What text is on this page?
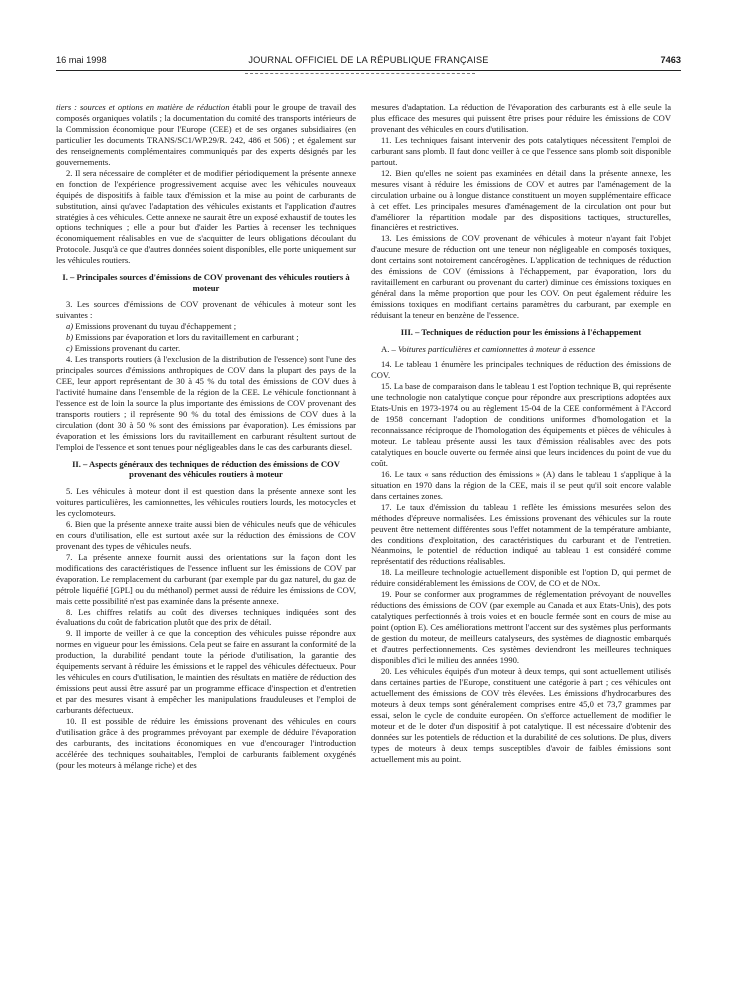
16 mai 1998	JOURNAL OFFICIEL DE LA RÉPUBLIQUE FRANÇAISE	7463

tiers : sources et options en matière de réduction établi pour le groupe de travail des composés organiques volatils ; la documentation du comité des transports intérieurs de la Commission économique pour l'Europe (CEE) et de ses organes subsidiaires (en particulier les documents TRANS/SC1/WP.29/R. 242, 486 et 506) ; et également sur des renseignements complémentaires communiqués par des experts désignés par les gouvernements.

2. Il sera nécessaire de compléter et de modifier périodiquement la présente annexe en fonction de l'expérience progressivement acquise avec les véhicules nouveaux équipés de dispositifs à faible taux d'émission et la mise au point de carburants de substitution, ainsi qu'avec l'adaptation des véhicules existants et l'application d'autres stratégies à ces véhicules. Cette annexe ne saurait être un exposé exhaustif de toutes les options techniques ; elle a pour but d'aider les Parties à recenser les techniques économiquement réalisables en vue de s'acquitter de leurs obligations découlant du Protocole. Jusqu'à ce que d'autres données soient disponibles, elle porte uniquement sur les véhicules routiers.

I. – Principales sources d'émissions de COV provenant des véhicules routiers à moteur

3. Les sources d'émissions de COV provenant de véhicules à moteur sont les suivantes :

a) Emissions provenant du tuyau d'échappement ;

b) Emissions par évaporation et lors du ravitaillement en carburant ;

c) Emissions provenant du carter.

4. Les transports routiers (à l'exclusion de la distribution de l'essence) sont l'une des principales sources d'émissions anthropiques de COV dans la plupart des pays de la CEE, leur apport représentant de 30 à 45 % du total des émissions de COV dues à l'activité humaine dans l'ensemble de la région de la CEE. Le véhicule fonctionnant à l'essence est de loin la source la plus importante des émissions de COV provenant des transports routiers ; il représente 90 % du total des émissions de COV dues à la circulation (dont 30 à 50 % sont des émissions par évaporation). Les émissions par évaporation et les émissions lors du ravitaillement en carburant résultent surtout de l'emploi de l'essence et sont tenues pour négligeables dans le cas des carburants diesel.

II. – Aspects généraux des techniques de réduction des émissions de COV provenant des véhicules routiers à moteur

5. Les véhicules à moteur dont il est question dans la présente annexe sont les voitures particulières, les camionnettes, les véhicules routiers lourds, les motocycles et les cyclomoteurs.

6. Bien que la présente annexe traite aussi bien de véhicules neufs que de véhicules en cours d'utilisation, elle est surtout axée sur la réduction des émissions de COV provenant des types de véhicules neufs.

7. La présente annexe fournit aussi des orientations sur la façon dont les modifications des caractéristiques de l'essence influent sur les émissions de COV par évaporation. Le remplacement du carburant (par exemple par du gaz naturel, du gaz de pétrole liquéfié [GPL] ou du méthanol) permet aussi de réduire les émissions de COV, mais cette possibilité n'est pas examinée dans la présente annexe.

8. Les chiffres relatifs au coût des diverses techniques indiquées sont des évaluations du coût de fabrication plutôt que des prix de détail.

9. Il importe de veiller à ce que la conception des véhicules puisse répondre aux normes en vigueur pour les émissions. Cela peut se faire en assurant la conformité de la production, la durabilité pendant toute la période d'utilisation, la garantie des équipements servant à réduire les émissions et le rappel des véhicules défectueux. Pour les véhicules en cours d'utilisation, le maintien des résultats en matière de réduction des émissions peut aussi être assuré par un programme efficace d'inspection et d'entretien et par des mesures visant à empêcher les manipulations frauduleuses et l'emploi de carburants défectueux.

10. Il est possible de réduire les émissions provenant des véhicules en cours d'utilisation grâce à des programmes prévoyant par exemple de déduire l'évaporation des carburants, des incitations économiques en vue d'encourager l'introduction accélérée des techniques souhaitables, l'emploi de carburants faiblement oxygénés (pour les moteurs à mélange riche) et des

mesures d'adaptation. La réduction de l'évaporation des carburants est à elle seule la plus efficace des mesures qui puissent être prises pour réduire les émissions de COV provenant des véhicules en cours d'utilisation.

11. Les techniques faisant intervenir des pots catalytiques nécessitent l'emploi de carburant sans plomb. Il faut donc veiller à ce que l'essence sans plomb soit disponible partout.

12. Bien qu'elles ne soient pas examinées en détail dans la présente annexe, les mesures visant à réduire les émissions de COV et autres par l'aménagement de la circulation urbaine ou à longue distance constituent un moyen supplémentaire efficace à cet effet. Les principales mesures d'aménagement de la circulation ont pour but d'améliorer la répartition modale par des dispositions tactiques, structurelles, financières et restrictives.

13. Les émissions de COV provenant de véhicules à moteur n'ayant fait l'objet d'aucune mesure de réduction ont une teneur non négligeable en composés toxiques, dont certains sont notoirement cancérogènes. L'application de techniques de réduction des émissions de COV (émissions à l'échappement, par évaporation, lors du ravitaillement en carburant ou provenant du carter) diminue ces émissions toxiques en général dans la même proportion que pour les COV. On peut également réduire les émissions toxiques en modifiant certains paramètres du carburant, par exemple en réduisant la teneur en benzène de l'essence.

III. – Techniques de réduction pour les émissions à l'échappement
A. – Voitures particulières et camionnettes à moteur à essence

14. Le tableau 1 énumère les principales techniques de réduction des émissions de COV.

15. La base de comparaison dans le tableau 1 est l'option technique B, qui représente une technologie non catalytique conçue pour répondre aux prescriptions adoptées aux Etats-Unis en 1973-1974 ou au règlement 15-04 de la CEE conformément à l'Accord de 1958 concernant l'adoption de conditions uniformes d'homologation et la reconnaissance réciproque de l'homologation des équipements et pièces de véhicules à moteur. Le tableau présente aussi les taux d'émission réalisables avec des pots catalytiques en boucle ouverte ou fermée ainsi que leurs incidences du point de vue du coût.

16. Le taux « sans réduction des émissions » (A) dans le tableau 1 s'applique à la situation en 1970 dans la région de la CEE, mais il se peut qu'il soit encore valable dans certaines zones.

17. Le taux d'émission du tableau 1 reflète les émissions mesurées selon des méthodes d'épreuve normalisées. Les émissions provenant des véhicules sur la route peuvent être nettement différentes sous l'effet notamment de la température ambiante, des conditions d'exploitation, des caractéristiques du carburant et de l'entretien. Néanmoins, le potentiel de réduction indiqué au tableau 1 est considéré comme représentatif des réductions réalisables.

18. La meilleure technologie actuellement disponible est l'option D, qui permet de réduire considérablement les émissions de COV, de CO et de NOx.

19. Pour se conformer aux programmes de réglementation prévoyant de nouvelles réductions des émissions de COV (par exemple au Canada et aux Etats-Unis), des pots catalytiques perfectionnés à trois voies et en boucle fermée sont en cours de mise au point (option E). Ces améliorations mettront l'accent sur des systèmes plus performants de gestion du moteur, de meilleurs catalyseurs, des systèmes de diagnostic embarqués et d'autres perfectionnements. Ces systèmes deviendront les meilleures techniques disponibles d'ici le milieu des années 1990.

20. Les véhicules équipés d'un moteur à deux temps, qui sont actuellement utilisés dans certaines parties de l'Europe, constituent une catégorie à part ; ces véhicules ont actuellement des émissions de COV très élevées. Les émissions d'hydrocarbures des moteurs à deux temps sont généralement comprises entre 45,0 et 73,7 grammes par essai, selon le cycle de conduite européen. On s'efforce actuellement de modifier le moteur et de le doter d'un dispositif à pot catalytique. Il est nécessaire d'obtenir des données sur les potentiels de réduction et la durabilité de ces solutions. De plus, divers types de moteurs à deux temps susceptibles d'avoir de faibles émissions sont actuellement mis au point.
